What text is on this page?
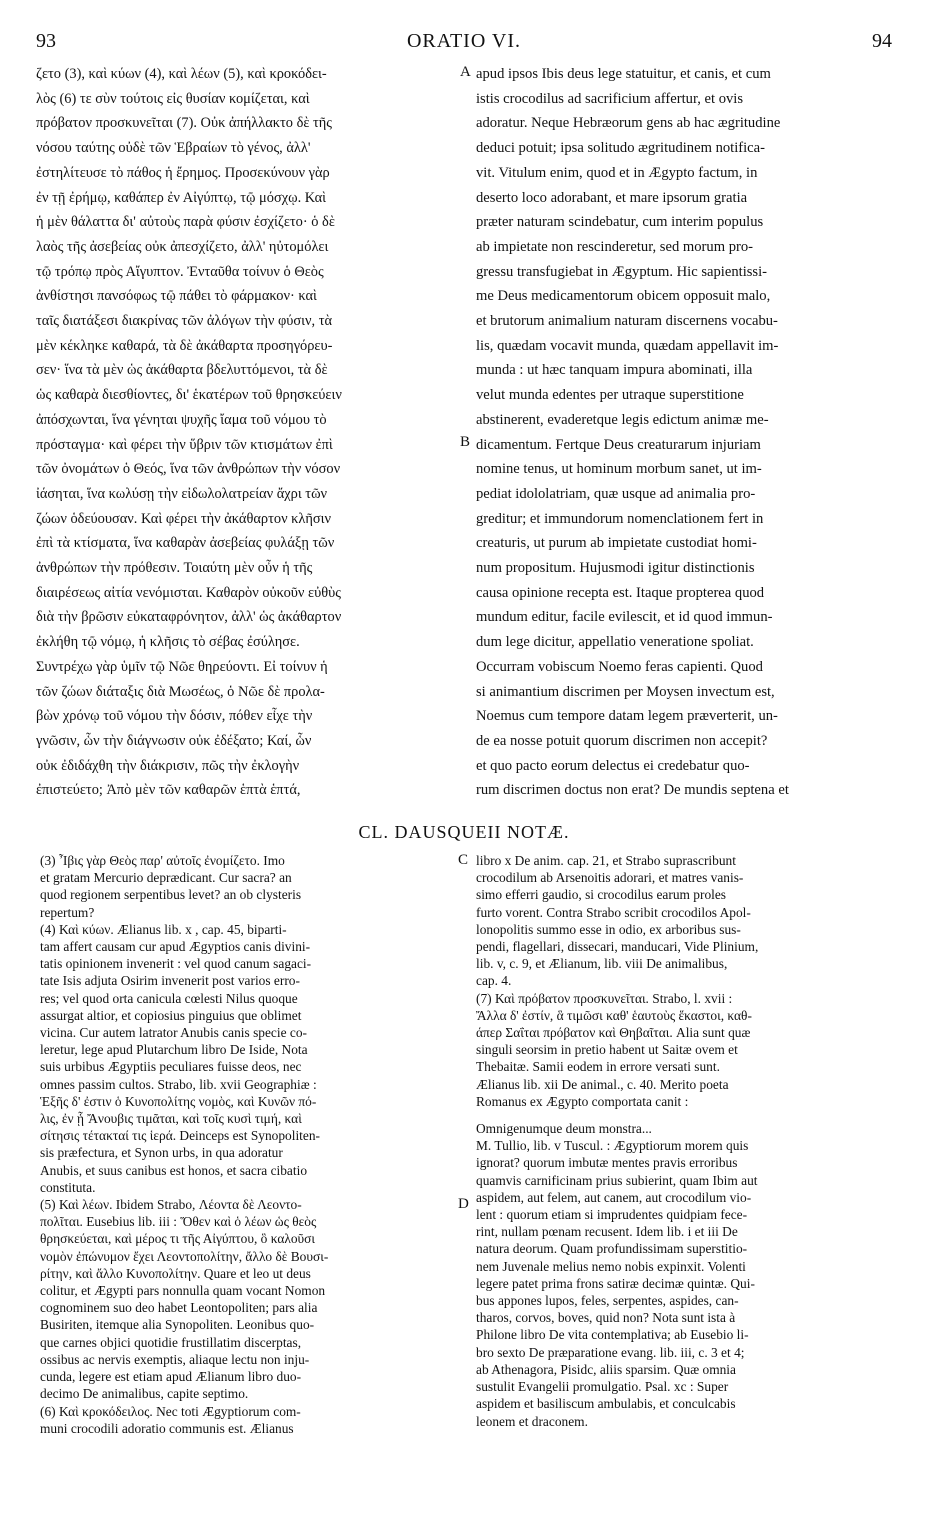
93	ORATIO VI.	94
ζετο (3), καὶ κύων (4), καὶ λέων (5), καὶ κροκόδει-
λὸς (6) τε σὺν τούτοις εἰς θυσίαν κομίζεται, καὶ
πρόβατον προσκυνεῖται (7). Οὐκ ἀπήλλακτο δὲ τῆς
νόσου ταύτης οὐδὲ τῶν Ἑβραίων τὸ γένος, ἀλλ'
ἐστηλίτευσε τὸ πάθος ἡ ἔρημος. Προσεκύνουν γὰρ
ἐν τῇ ἐρήμῳ, καθάπερ ἐν Αἰγύπτῳ, τῷ μόσχῳ. Καὶ
ἡ μὲν θάλαττα δι' αὐτοὺς παρὰ φύσιν ἐσχίζετο· ὁ δὲ
λαὸς τῆς ἀσεβείας οὐκ ἀπεσχίζετο, ἀλλ' ηὐτομόλει
τῷ τρόπῳ πρὸς Αἴγυπτον. Ἐνταῦθα τοίνυν ὁ Θεὸς
ἀνθίστησι πανσόφως τῷ πάθει τὸ φάρμακον· καὶ
ταῖς διατάξεσι διακρίνας τῶν ἀλόγων τὴν φύσιν, τὰ
μὲν κέκληκε καθαρά, τὰ δὲ ἀκάθαρτα προσηγόρευ-
σεν· ἵνα τὰ μὲν ὡς ἀκάθαρτα βδελυττόμενοι, τὰ δὲ
ὡς καθαρὰ διεσθίοντες, δι' ἑκατέρων τοῦ θρησκεύειν
ἀπόσχωνται, ἵνα γένηται ψυχῆς ἴαμα τοῦ νόμου τὸ
πρόσταγμα· καὶ φέρει τὴν ὕβριν τῶν κτισμάτων ἐπὶ
τῶν ὀνομάτων ὁ Θεός, ἵνα τῶν ἀνθρώπων τὴν νόσον
ἰάσηται, ἵνα κωλύσῃ τὴν εἰδωλολατρείαν ἄχρι τῶν
ζώων ὁδεύουσαν. Καὶ φέρει τὴν ἀκάθαρτον κλῆσιν
ἐπὶ τὰ κτίσματα, ἵνα καθαρὰν ἀσεβείας φυλάξῃ τῶν
ἀνθρώπων τὴν πρόθεσιν. Τοιαύτη μὲν οὖν ἡ τῆς
διαιρέσεως αἰτία νενόμισται. Καθαρὸν οὐκοῦν εὐθὺς
διὰ τὴν βρῶσιν εὐκαταφρόνητον, ἀλλ' ὡς ἀκάθαρτον
ἐκλήθη τῷ νόμῳ, ἡ κλῆσις τὸ σέβας ἐσύλησε.
Συντρέχω γὰρ ὑμῖν τῷ Νῶε θηρεύοντι. Εἰ τοίνυν ἡ
τῶν ζώων διάταξις διὰ Μωσέως, ὁ Νῶε δὲ προλα-
βὼν χρόνῳ τοῦ νόμου τὴν δόσιν, πόθεν εἶχε τὴν
γνῶσιν, ὧν τὴν διάγνωσιν οὐκ ἐδέξατο; Καί, ὧν
οὐκ ἐδιδάχθη τὴν διάκρισιν, πῶς τὴν ἐκλογὴν
ἐπιστεύετο; Ἀπὸ μὲν τῶν καθαρῶν ἑπτὰ ἑπτά,
apud ipsos Ibis deus lege statuitur, et canis, et cum
istis crocodilus ad sacrificium affertur, et ovis
adoratur. Neque Hebræorum gens ab hac ægritudine
deduci potuit; ipsa solitudo ægritudinem notifica-
vit. Vitulum enim, quod et in Ægypto factum, in
deserto loco adorabant, et mare ipsorum gratia
præter naturam scindebatur, cum interim populus
ab impietate non rescinderetur, sed morum pro-
gressu transfugiebat in Ægyptum. Hic sapientissi-
me Deus medicamentorum obicem opposuit malo,
et brutorum animalium naturam discernens vocabu-
lis, quædam vocavit munda, quædam appellavit im-
munda : ut hæc tanquam impura abominati, illa
velut munda edentes per utraque superstitione
abstinerent, evaderetque legis edictum animæ me-
dicamentum. Fertque Deus creaturarum injuriam
nomine tenus, ut hominum morbum sanet, ut im-
pediat idololatriam, quæ usque ad animalia pro-
greditur; et immundorum nomenclationem fert in
creaturis, ut purum ab impietate custodiat homi-
num propositum. Hujusmodi igitur distinctionis
causa opinione recepta est. Itaque propterea quod
mundum editur, facile evilescit, et id quod immun-
dum lege dicitur, appellatio venerationе spoliat.
Occurram vobiscum Noemo feras capienti. Quod
si animantium discrimen per Moysen invectum est,
Noemus cum tempore datam legem præverterit, un-
de ea nosse potuit quorum discrimen non accepit?
et quo pacto eorum delectus ei credebatur quo-
rum discrimen doctus non erat? De mundis septena et
A
B
CL. DAUSQUEII NOTÆ.
(3) Ἶβις γὰρ Θεὸς παρ' αὐτοῖς ἐνομίζετο. Imo
et gratam Mercurio deprædicant. Cur sacra? an
quod regionem serpentibus levet? an ob clysteris
repertum?
(4) Καὶ κύων. Ælianus lib. x , cap. 45, biparti-
tam affert causam cur apud Ægyptios canis divini-
tatis opinionem invenerit : vel quod canum sagaci-
tate Isis adjuta Osirim invenerit post varios erro-
res; vel quod orta canicula cœlesti Nilus quoque
assurgat altior, et copiosius pinguius que oblimet
vicina. Cur autem latrator Anubis canis specie co-
leretur, lege apud Plutarchum libro De Iside, Nota
suis urbibus Ægyptiis peculiares fuisse deos, nec
omnes passim cultos. Strabo, lib. xvii Geographiæ :
Ἑξῆς δ' ἐστιν ὁ Κυνοπολίτης νομὸς, καὶ Κυνῶν πό-
λις, ἐν ᾗ Ἄνουβις τιμᾶται, καὶ τοῖς κυσὶ τιμή, καὶ
σίτησις τέτακταί τις ἱερά. Deinceps est Synopoliten-
sis præfectura, et Synon urbs, in qua adoratur
Anubis, et suus canibus est honos, et sacra cibatio
constituta.
(5) Καὶ λέων. Ibidem Strabo, Λέοντα δὲ Λεοντο-
πολῖται. Eusebius lib. iii : Ὅθεν καὶ ὁ λέων ὡς θεὸς
θρησκεύεται, καὶ μέρος τι τῆς Αἰγύπτου, ὃ καλοῦσι
νομὸν ἐπώνυμον ἔχει Λεοντοπολίτην, ἄλλο δὲ Βουσι-
ρίτην, καὶ ἄλλο Κυνοπολίτην. Quare et leo ut deus
colitur, et Ægypti pars nonnulla quam vocant Nomon
cognominem suo deo habet Leontopoliten; pars alia
Busiriten, itemque alia Synopoliten. Leonibus quo-
que carnes objici quotidie frustillatim discerptas,
ossibus ac nervis exemptis, aliaque lectu non inju-
cunda, legere est etiam apud Ælianum libro duo-
decimo De animalibus, capite septimo.
(6) Καὶ κροκόδειλος. Nec toti Ægyptiorum com-
muni crocodili adoratio communis est. Ælianus
libro x De anim. cap. 21, et Strabo suprascribunt
crocodilum ab Arsenoitis adorari, et matres vanis-
simo efferri gaudio, si crocodilus earum proles
furto vorent. Contra Strabo scribit crocodilos Apol-
lonopolitis summo esse in odio, ex arboribus sus-
pendi, flagellari, dissecari, manducari, Vide Plinium,
lib. v, c. 9, et Ælianum, lib. viii De animalibus,
cap. 4.
(7) Καὶ πρόβατον προσκυνεῖται. Strabo, l. xvii :
Ἄλλα δ' ἐστίν, ἃ τιμῶσι καθ' ἑαυτοὺς ἕκαστοι, καθ-
άπερ Σαΐται πρόβατον καὶ Θηβαῖται. Alia sunt quæ
singuli seorsim in pretio habent ut Saitæ ovem et
Thebaitæ. Samii eodem in errore versati sunt.
Ælianus lib. xii De animal., c. 40. Merito poeta
Romanus ex Ægypto comportata canit :
Omnigenumque deum monstra...
M. Tullio, lib. v Tuscul. : Ægyptiorum morem quis
ignorat? quorum imbutæ mentes pravis erroribus
quamvis carnificinam prius subierint, quam Ibim aut
aspidem, aut felem, aut canem, aut crocodilum vio-
lent : quorum etiam si imprudentes quidpiam fece-
rint, nullam pœnam recusent. Idem lib. i et iii De
natura deorum. Quam profundissimam superstitio-
nem Juvenale melius nemo nobis expinxit. Volenti
legere patet prima frons satiræ decimæ quintæ. Qui-
bus appones lupos, feles, serpentes, aspides, can-
tharos, corvos, boves, quid non? Nota sunt ista à
Philone libro De vita contemplativa; ab Eusebio li-
bro sexto De præparatione evang. lib. iii, c. 3 et 4;
ab Athenagora, Pisidc, aliis sparsim. Quæ omnia
sustulit Evangelii promulgatio. Psal. xc : Super
aspidem et basiliscum ambulabis, et conculcabis
leonem et draconem.
C
D
